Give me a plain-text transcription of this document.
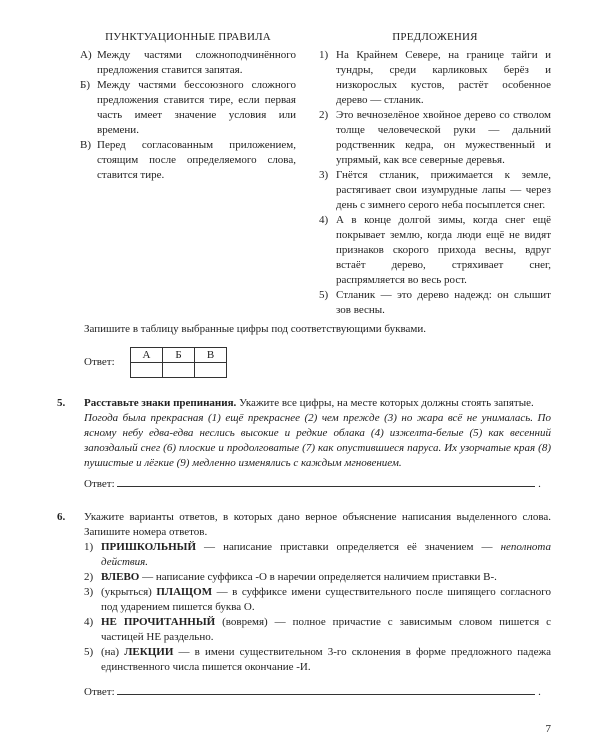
ПУНКТУАЦИОННЫЕ ПРАВИЛА
А) Между частями сложноподчинённого предложения ставится запятая.
Б) Между частями бессоюзного сложного предложения ставится тире, если первая часть имеет значение условия или времени.
В) Перед согласованным приложением, стоящим после определяемого слова, ставится тире.
ПРЕДЛОЖЕНИЯ
1) На Крайнем Севере, на границе тайги и тундры, среди карликовых берёз и низкорослых кустов, растёт особенное дерево — стланик.
2) Это вечнозелёное хвойное дерево со стволом толще человеческой руки — дальний родственник кедра, он мужественный и упрямый, как все северные деревья.
3) Гнётся стланик, прижимается к земле, растягивает свои изумрудные лапы — через день с зимнего серого неба посыплется снег.
4) А в конце долгой зимы, когда снег ещё покрывает землю, когда люди ещё не видят признаков скорого прихода весны, вдруг встаёт дерево, стряхивает снег, распрямляется во весь рост.
5) Стланик — это дерево надежд: он слышит зов весны.
Запишите в таблицу выбранные цифры под соответствующими буквами.
Ответ:
А	Б	В

5. Расставьте знаки препинания. Укажите все цифры, на месте которых должны стоять запятые.
Погода была прекрасная (1) ещё прекраснее (2) чем прежде (3) но жара всё не унималась. По ясному небу едва-едва неслись высокие и редкие облака (4) изжелта-белые (5) как весенний запоздалый снег (6) плоские и продолговатые (7) как опустившиеся паруса. Их узорчатые края (8) пушистые и лёгкие (9) медленно изменялись с каждым мгновением.
Ответ:	.
6. Укажите варианты ответов, в которых дано верное объяснение написания выделенного слова. Запишите номера ответов.
1) ПРИШКОЛЬНЫЙ — написание приставки определяется её значением — неполнота действия.
2) ВЛЕВО — написание суффикса -О в наречии определяется наличием приставки В-.
3) (укрыться) ПЛАЩОМ — в суффиксе имени существительного после шипящего согласного под ударением пишется буква О.
4) НЕ ПРОЧИТАННЫЙ (вовремя) — полное причастие с зависимым словом пишется с частицей НЕ раздельно.
5) (на) ЛЕКЦИИ — в имени существительном 3-го склонения в форме предложного падежа единственного числа пишется окончание -И.
Ответ:	.
7
